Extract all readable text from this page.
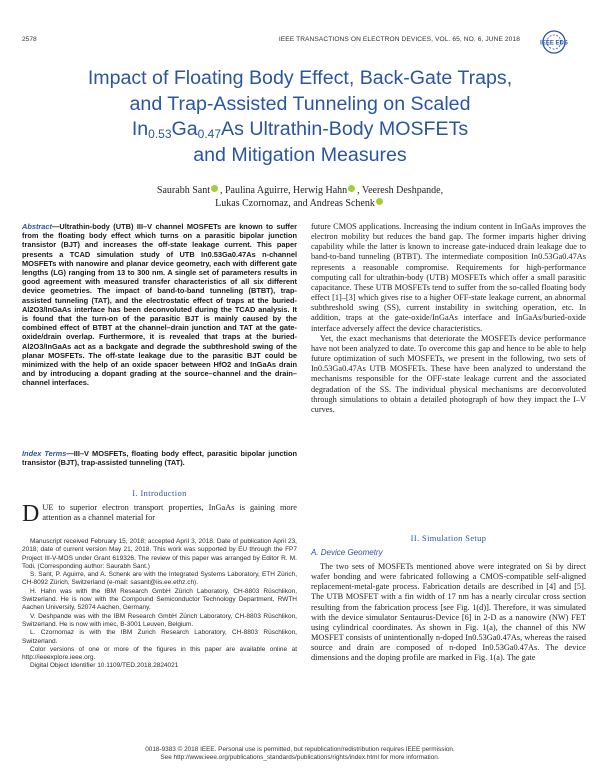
2578	IEEE TRANSACTIONS ON ELECTRON DEVICES, VOL. 65, NO. 6, JUNE 2018
IEEE EDS
Impact of Floating Body Effect, Back-Gate Traps,
and Trap-Assisted Tunneling on Scaled
$In_{0.53}Ga_{0.47}As$ Ultrathin-Body MOSFETs
and Mitigation Measures
Saurabh Sant , Paulina Aguirre, Herwig Hahn , Veeresh Deshpande,
Lukas Czornomaz, and Andreas Schenk
Abstract—Ultrathin-body (UTB) III–V channel MOSFETs are known to suffer from the floating body effect which turns on a parasitic bipolar junction transistor (BJT) and increases the off-state leakage current. This paper presents a TCAD simulation study of UTB In0.53Ga0.47As n-channel MOSFETs with nanowire and planar device geometry, each with different gate lengths (LG) ranging from 13 to 300 nm. A single set of parameters results in good agreement with measured transfer characteristics of all six different device geometries. The impact of band-to-band tunneling (BTBT), trap-assisted tunneling (TAT), and the electrostatic effect of traps at the buried-Al2O3/InGaAs interface has been deconvoluted during the TCAD analysis. It is found that the turn-on of the parasitic BJT is mainly caused by the combined effect of BTBT at the channel–drain junction and TAT at the gate-oxide/drain overlap. Furthermore, it is revealed that traps at the buried-Al2O3/InGaAs act as a backgate and degrade the subthreshold swing of the planar MOSFETs. The off-state leakage due to the parasitic BJT could be minimized with the help of an oxide spacer between HfO2 and InGaAs drain and by introducing a dopant grading at the source–channel and the drain–channel interfaces.
Index Terms—III–V MOSFETs, floating body effect, parasitic bipolar junction transistor (BJT), trap-assisted tunneling (TAT).
I. Introduction
DUE to superior electron transport properties, InGaAs is gaining more attention as a channel material for

Manuscript received February 15, 2018; accepted April 3, 2018. Date of publication April 23, 2018; date of current version May 21, 2018. This work was supported by EU through the FP7 Project III-V-MOS under Grant 619326. The review of this paper was arranged by Editor R. M. Todi. (Corresponding author: Saurabh Sant.)

S. Sant, P. Aguirre, and A. Schenk are with the Integrated Systems Laboratory, ETH Zürich, CH-8092 Zürich, Switzerland (e-mail: sasant@iis.ee.ethz.ch).

H. Hahn was with the IBM Research GmbH Zürich Laboratory, CH-8803 Rüschlikon, Switzerland. He is now with the Compound Semiconductor Technology Department, RWTH Aachen University, 52074 Aachen, Germany.

V. Deshpande was with the IBM Research GmbH Zürich Laboratory, CH-8803 Rüschlikon, Switzerland. He is now with imec, B-3001 Leuven, Belgium.

L. Czornomaz is with the IBM Zurich Research Laboratory, CH-8803 Rüschlikon, Switzerland.

Color versions of one or more of the figures in this paper are available online at http://ieeexplore.ieee.org.

Digital Object Identifier 10.1109/TED.2018.2824021

future CMOS applications. Increasing the indium content in InGaAs improves the electron mobility but reduces the band gap. The former imparts higher driving capability while the latter is known to increase gate-induced drain leakage due to band-to-band tunneling (BTBT). The intermediate composition In0.53Ga0.47As represents a reasonable compromise. Requirements for high-performance computing call for ultrathin-body (UTB) MOSFETs which offer a small parasitic capacitance. These UTB MOSFETs tend to suffer from the so-called floating body effect [1]–[3] which gives rise to a higher OFF-state leakage current, an abnormal subthreshold swing (SS), current instability in switching operation, etc. In addition, traps at the gate-oxide/InGaAs interface and InGaAs/buried-oxide interface adversely affect the device characteristics.

Yet, the exact mechanisms that deteriorate the MOSFETs device performance have not been analyzed to date. To overcome this gap and hence to be able to help future optimization of such MOSFETs, we present in the following, two sets of In0.53Ga0.47As UTB MOSFETs. These have been analyzed to understand the mechanisms responsible for the OFF-state leakage current and the associated degradation of the SS. The individual physical mechanisms are deconvoluted through simulations to obtain a detailed photograph of how they impact the I–V curves.

II. Simulation Setup
A. Device Geometry

The two sets of MOSFETs mentioned above were integrated on Si by direct wafer bonding and were fabricated following a CMOS-compatible self-aligned replacement-metal-gate process. Fabrication details are described in [4] and [5]. The UTB MOSFET with a fin width of 17 nm has a nearly circular cross section resulting from the fabrication process [see Fig. 1(d)]. Therefore, it was simulated with the device simulator Sentaurus-Device [6] in 2-D as a nanowire (NW) FET using cylindrical coordinates. As shown in Fig. 1(a), the channel of this NW MOSFET consists of unintentionally n-doped In0.53Ga0.47As, whereas the raised source and drain are composed of n-doped In0.53Ga0.47As. The device dimensions and the doping profile are marked in Fig. 1(a). The gate

0018-9383 © 2018 IEEE. Personal use is permitted, but republication/redistribution requires IEEE permission.
See http://www.ieee.org/publications_standards/publications/rights/index.html for more information.
